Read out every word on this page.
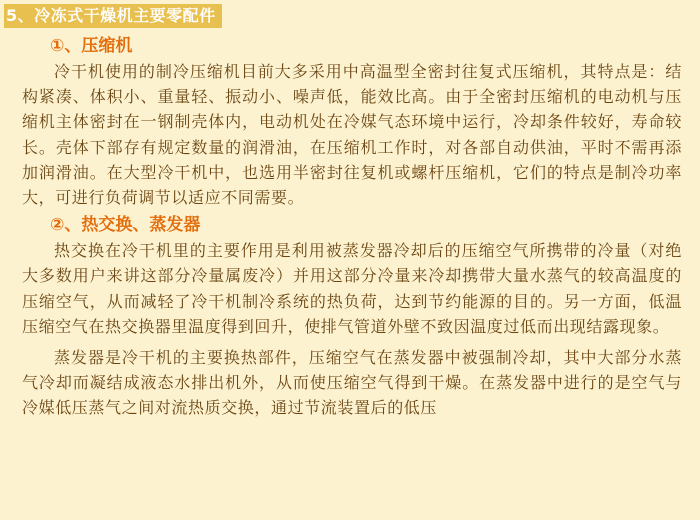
5、冷冻式干燥机主要零配件
①、压缩机

冷干机使用的制冷压缩机目前大多采用中高温型全密封往复式压缩机，其特点是：结构紧凑、体积小、重量轻、振动小、噪声低，能效比高。由于全密封压缩机的电动机与压缩机主体密封在一钢制壳体内，电动机处在冷媒气态环境中运行，冷却条件较好，寿命较长。壳体下部存有规定数量的润滑油，在压缩机工作时，对各部自动供油，平时不需再添加润滑油。在大型冷干机中，也选用半密封往复机或螺杆压缩机，它们的特点是制冷功率大，可进行负荷调节以适应不同需要。

②、热交换、蒸发器

热交换在冷干机里的主要作用是利用被蒸发器冷却后的压缩空气所携带的冷量（对绝大多数用户来讲这部分冷量属废冷）并用这部分冷量来冷却携带大量水蒸气的较高温度的压缩空气，从而减轻了冷干机制冷系统的热负荷，达到节约能源的目的。另一方面，低温压缩空气在热交换器里温度得到回升，使排气管道外壁不致因温度过低而出现结露现象。

蒸发器是冷干机的主要换热部件，压缩空气在蒸发器中被强制冷却，其中大部分水蒸气冷却而凝结成液态水排出机外，从而使压缩空气得到干燥。在蒸发器中进行的是空气与冷媒低压蒸气之间对流热质交换，通过节流装置后的低压
